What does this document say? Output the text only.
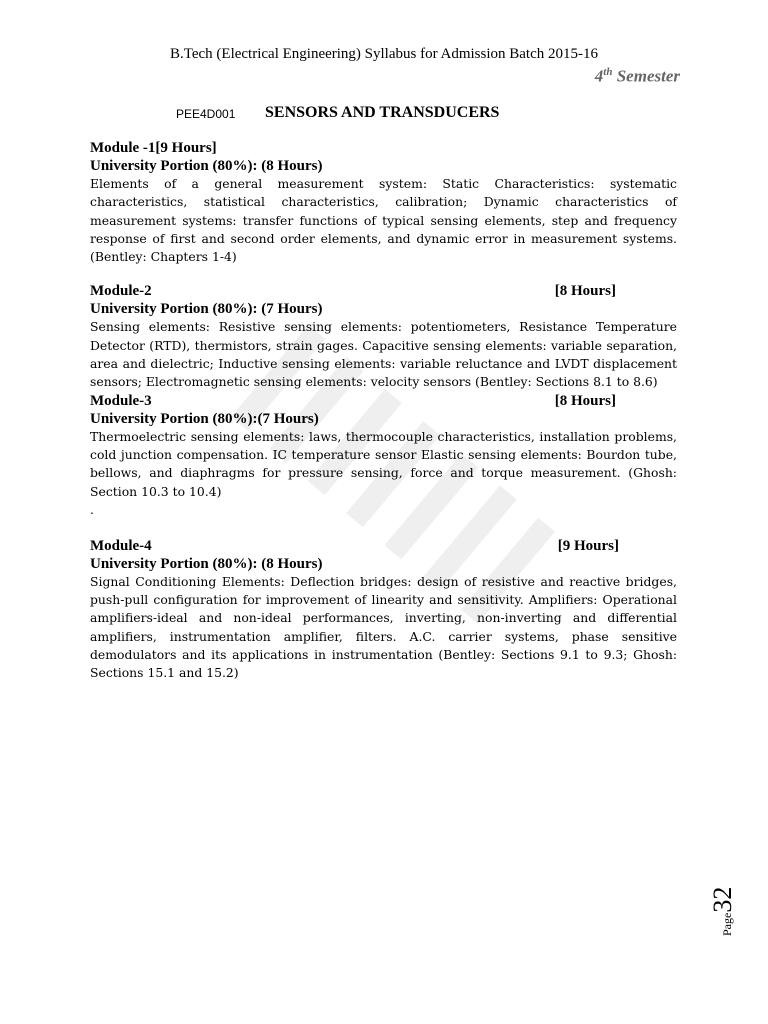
B.Tech (Electrical Engineering) Syllabus for Admission Batch 2015-16
4th Semester
PEE4D001 SENSORS AND TRANSDUCERS
Module -1[9 Hours]
University Portion (80%): (8 Hours)

Elements of a general measurement system: Static Characteristics: systematic characteristics, statistical characteristics, calibration; Dynamic characteristics of measurement systems: transfer functions of typical sensing elements, step and frequency response of first and second order elements, and dynamic error in measurement systems. (Bentley: Chapters 1-4)

Module-2	[8 Hours]
University Portion (80%): (7 Hours)

Sensing elements: Resistive sensing elements: potentiometers, Resistance Temperature Detector (RTD), thermistors, strain gages. Capacitive sensing elements: variable separation, area and dielectric; Inductive sensing elements: variable reluctance and LVDT displacement sensors; Electromagnetic sensing elements: velocity sensors (Bentley: Sections 8.1 to 8.6)

Module-3	[8 Hours]
University Portion (80%):(7 Hours)

Thermoelectric sensing elements: laws, thermocouple characteristics, installation problems, cold junction compensation. IC temperature sensor Elastic sensing elements: Bourdon tube, bellows, and diaphragms for pressure sensing, force and torque measurement. (Ghosh: Section 10.3 to 10.4)

.
Module-4	[9 Hours]
University Portion (80%): (8 Hours)

Signal Conditioning Elements: Deflection bridges: design of resistive and reactive bridges, push-pull configuration for improvement of linearity and sensitivity. Amplifiers: Operational amplifiers-ideal and non-ideal performances, inverting, non-inverting and differential amplifiers, instrumentation amplifier, filters. A.C. carrier systems, phase sensitive demodulators and its applications in instrumentation (Bentley: Sections 9.1 to 9.3; Ghosh: Sections 15.1 and 15.2)

Page32
